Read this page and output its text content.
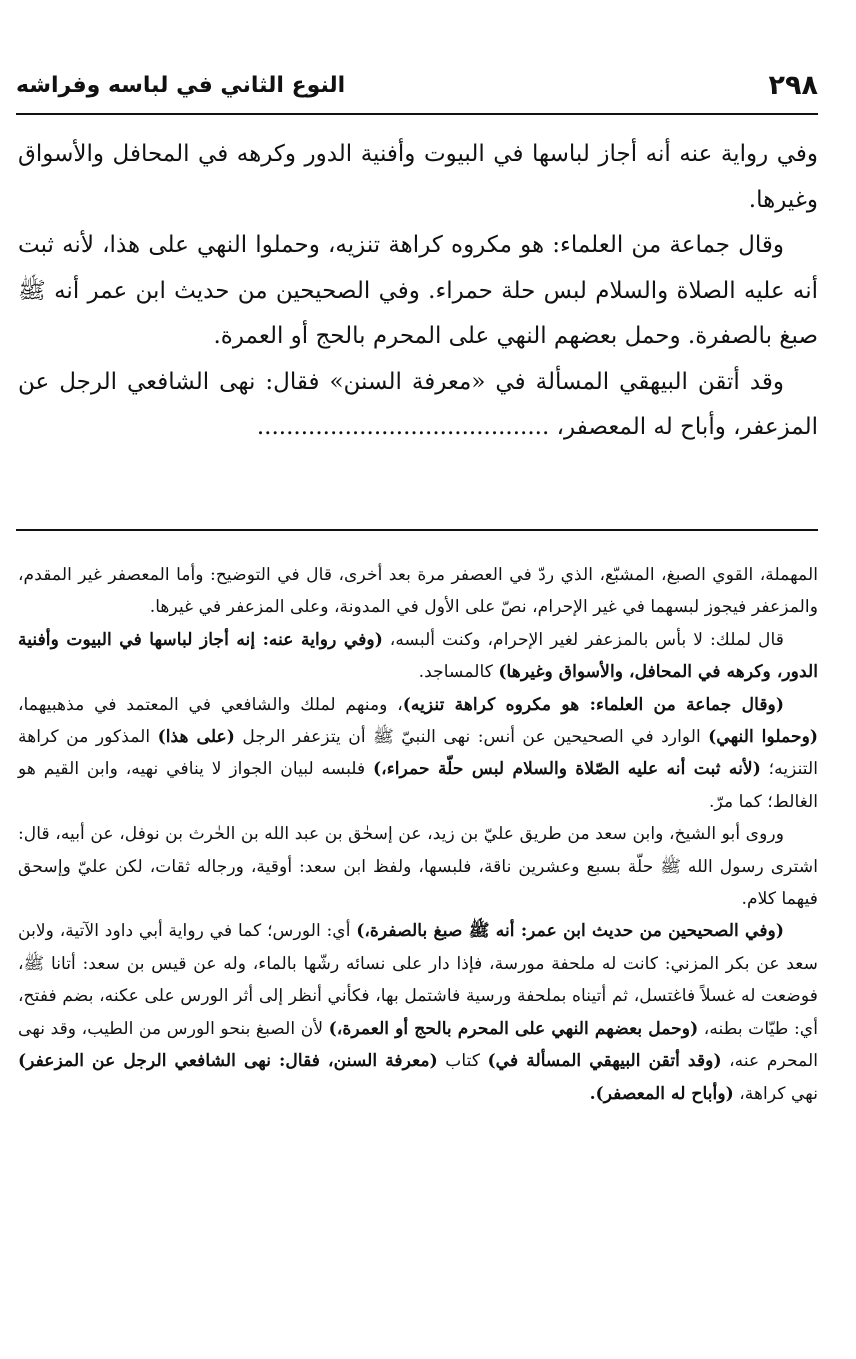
٢٩٨
النوع الثاني في لباسه وفراشه

وفي رواية عنه أنه أجاز لباسها في البيوت وأفنية الدور وكرهه في المحافل والأسواق وغيرها.

وقال جماعة من العلماء: هو مكروه كراهة تنزيه، وحملوا النهي على هذا، لأنه ثبت أنه عليه الصلاة والسلام لبس حلة حمراء. وفي الصحيحين من حديث ابن عمر أنه ﷺ صبغ بالصفرة. وحمل بعضهم النهي على المحرم بالحج أو العمرة.

وقد أتقن البيهقي المسألة في «معرفة السنن» فقال: نهى الشافعي الرجل عن المزعفر، وأباح له المعصفر، ........................................

المهملة، القوي الصبغ، المشبّع، الذي ردّ في العصفر مرة بعد أخرى، قال في التوضيح: وأما المعصفر غير المقدم، والمزعفر فيجوز لبسهما في غير الإحرام، نصّ على الأول في المدونة، وعلى المزعفر في غيرها.

قال لملك: لا بأس بالمزعفر لغير الإحرام، وكنت ألبسه، (وفي رواية عنه: إنه أجاز لباسها في البيوت وأفنية الدور، وكرهه في المحافل، والأسواق وغيرها) كالمساجد.

(وقال جماعة من العلماء: هو مكروه كراهة تنزيه)، ومنهم لملك والشافعي في المعتمد في مذهبيهما، (وحملوا النهي) الوارد في الصحيحين عن أنس: نهى النبيّ ﷺ أن يتزعفر الرجل (على هذا) المذكور من كراهة التنزيه؛ (لأنه ثبت أنه عليه الصّلاة والسلام لبس حلّة حمراء،) فلبسه لبيان الجواز لا ينافي نهيه، وابن القيم هو الغالط؛ كما مرّ.

وروى أبو الشيخ، وابن سعد من طريق عليّ بن زيد، عن إسحٰق بن عبد الله بن الحٰرث بن نوفل، عن أبيه، قال: اشترى رسول الله ﷺ حلّة بسبع وعشرين ناقة، فلبسها، ولفظ ابن سعد: أوقية، ورجاله ثقات، لكن عليّ وإسحق فيهما كلام.

(وفي الصحيحين من حديث ابن عمر: أنه ﷺ صبغ بالصفرة،) أي: الورس؛ كما في رواية أبي داود الآتية، ولابن سعد عن بكر المزني: كانت له ملحفة مورسة، فإذا دار على نسائه رشّها بالماء، وله عن قيس بن سعد: أتانا ﷺ، فوضعت له غسلاً فاغتسل، ثم أتيناه بملحفة ورسية فاشتمل بها، فكأني أنظر إلى أثر الورس على عكنه، بضم ففتح، أي: طيّات بطنه، (وحمل بعضهم النهي على المحرم بالحج أو العمرة،) لأن الصبغ بنحو الورس من الطيب، وقد نهى المحرم عنه، (وقد أتقن البيهقي المسألة في) كتاب (معرفة السنن، فقال: نهى الشافعي الرجل عن المزعفر) نهي كراهة، (وأباح له المعصفر).
